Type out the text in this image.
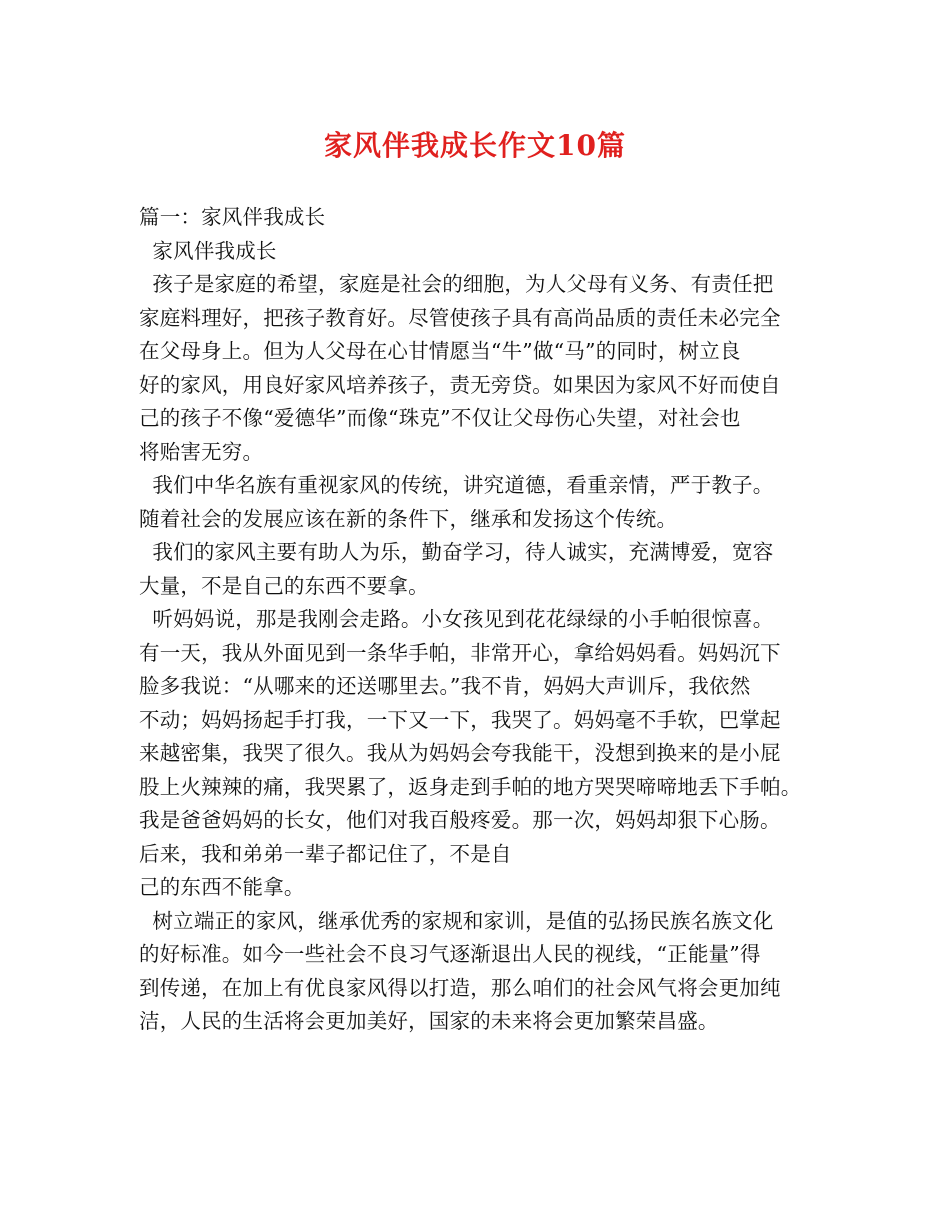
家风伴我成长作文10篇
篇一：家风伴我成长
家风伴我成长
孩子是家庭的希望，家庭是社会的细胞，为人父母有义务、有责任把
家庭料理好，把孩子教育好。尽管使孩子具有高尚品质的责任未必完全
在父母身上。但为人父母在心甘情愿当“牛”做“马”的同时，树立良
好的家风，用良好家风培养孩子，责无旁贷。如果因为家风不好而使自
己的孩子不像“爱德华”而像“珠克”不仅让父母伤心失望，对社会也
将贻害无穷。
我们中华名族有重视家风的传统，讲究道德，看重亲情，严于教子。
随着社会的发展应该在新的条件下，继承和发扬这个传统。
我们的家风主要有助人为乐，勤奋学习，待人诚实，充满博爱，宽容
大量，不是自己的东西不要拿。
听妈妈说，那是我刚会走路。小女孩见到花花绿绿的小手帕很惊喜。
有一天，我从外面见到一条华手帕，非常开心，拿给妈妈看。妈妈沉下
脸多我说：“从哪来的还送哪里去。”我不肯，妈妈大声训斥，我依然
不动；妈妈扬起手打我，一下又一下，我哭了。妈妈毫不手软，巴掌起
来越密集，我哭了很久。我从为妈妈会夸我能干，没想到换来的是小屁
股上火辣辣的痛，我哭累了，返身走到手帕的地方哭哭啼啼地丢下手帕。
我是爸爸妈妈的长女，他们对我百般疼爱。那一次，妈妈却狠下心肠。
后来，我和弟弟一辈子都记住了，不是自
己的东西不能拿。
树立端正的家风，继承优秀的家规和家训，是值的弘扬民族名族文化
的好标准。如今一些社会不良习气逐渐退出人民的视线，“正能量”得
到传递，在加上有优良家风得以打造，那么咱们的社会风气将会更加纯
洁，人民的生活将会更加美好，国家的未来将会更加繁荣昌盛。
